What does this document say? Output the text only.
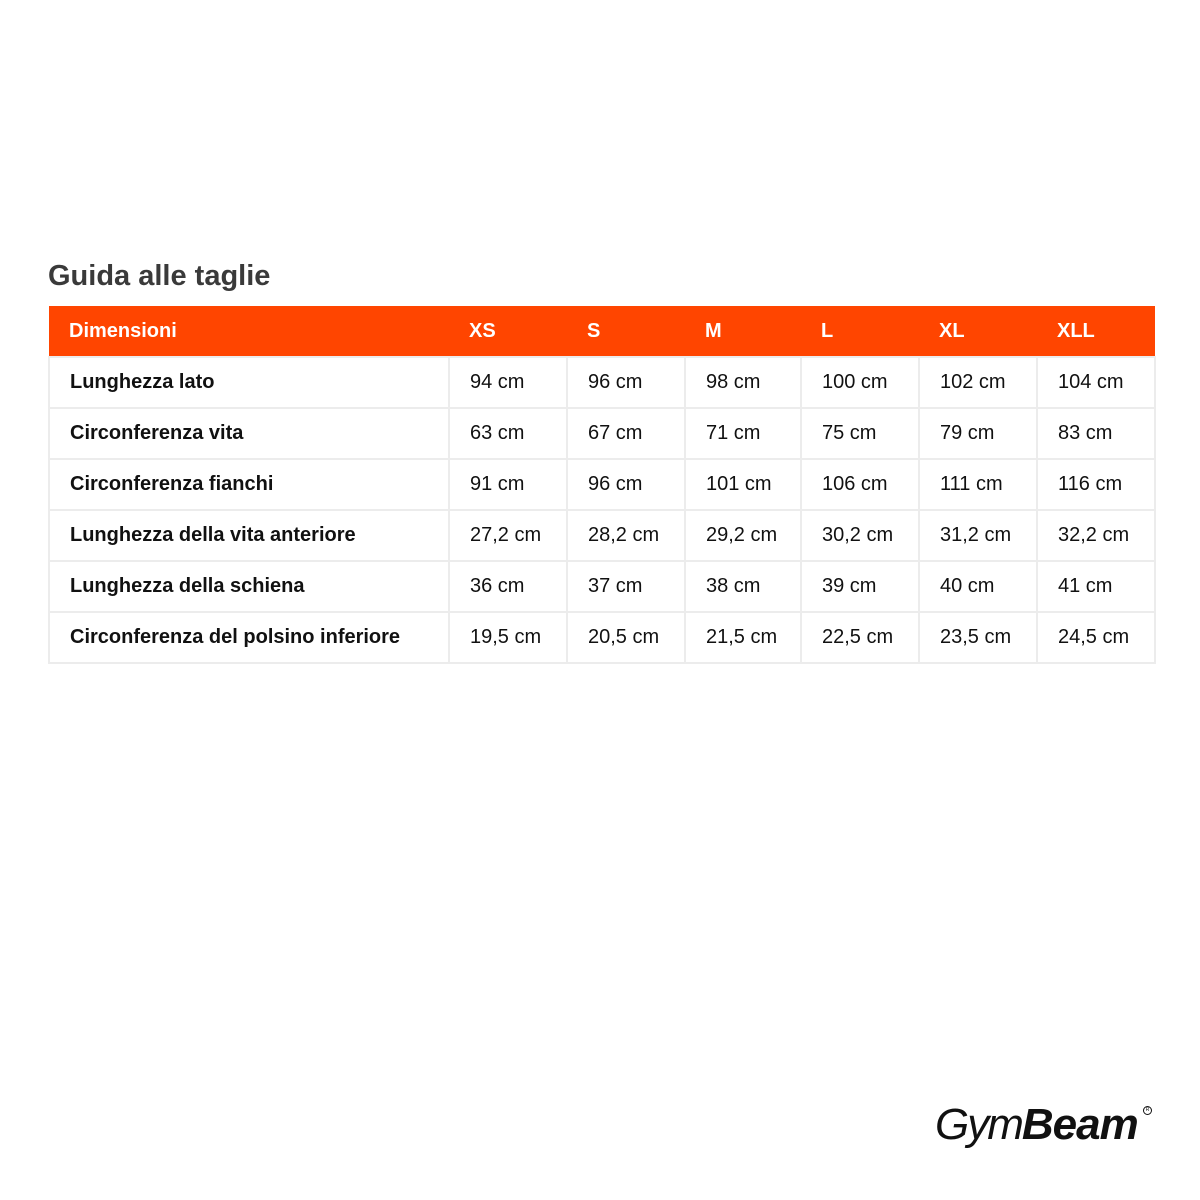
Guida alle taglie
Dimensioni	XS	S	M	L	XL	XLL
Lunghezza lato	94 cm	96 cm	98 cm	100 cm	102 cm	104 cm
Circonferenza vita	63 cm	67 cm	71 cm	75 cm	79 cm	83 cm
Circonferenza fianchi	91 cm	96 cm	101 cm	106 cm	111 cm	116 cm
Lunghezza della vita anteriore	27,2 cm	28,2 cm	29,2 cm	30,2 cm	31,2 cm	32,2 cm
Lunghezza della schiena	36 cm	37 cm	38 cm	39 cm	40 cm	41 cm
Circonferenza del polsino inferiore	19,5 cm	20,5 cm	21,5 cm	22,5 cm	23,5 cm	24,5 cm
GymBeam	R
